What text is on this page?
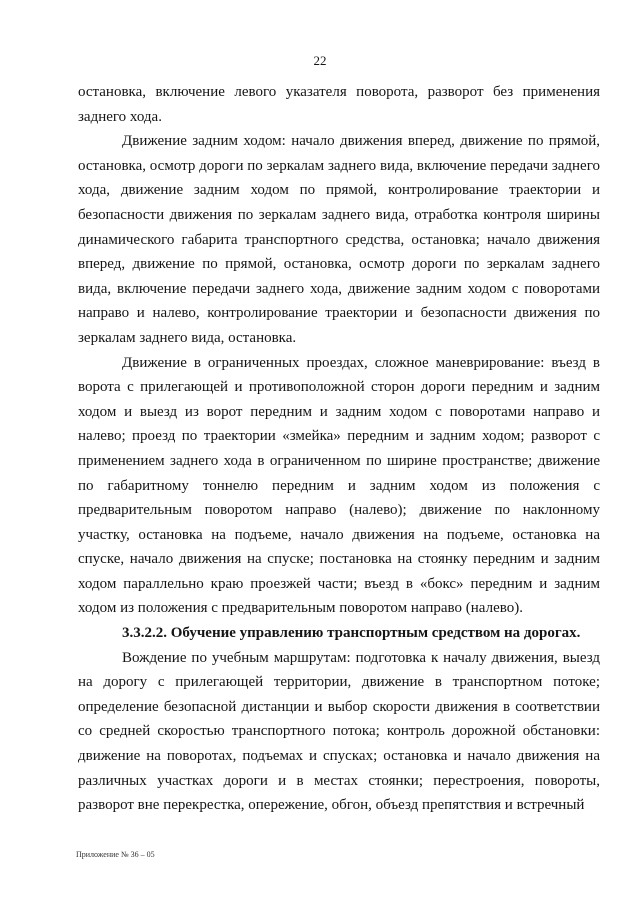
22

остановка, включение левого указателя поворота, разворот без применения заднего хода.

Движение задним ходом: начало движения вперед, движение по прямой, остановка, осмотр дороги по зеркалам заднего вида, включение передачи заднего хода, движение задним ходом по прямой, контролирование траектории и безопасности движения по зеркалам заднего вида, отработка контроля ширины динамического габарита транспортного средства, остановка; начало движения вперед, движение по прямой, остановка, осмотр дороги по зеркалам заднего вида, включение передачи заднего хода, движение задним ходом с поворотами направо и налево, контролирование траектории и безопасности движения по зеркалам заднего вида, остановка.

Движение в ограниченных проездах, сложное маневрирование: въезд в ворота с прилегающей и противоположной сторон дороги передним и задним ходом и выезд из ворот передним и задним ходом с поворотами направо и налево; проезд по траектории «змейка» передним и задним ходом; разворот с применением заднего хода в ограниченном по ширине пространстве; движение по габаритному тоннелю передним и задним ходом из положения с предварительным поворотом направо (налево); движение по наклонному участку, остановка на подъеме, начало движения на подъеме, остановка на спуске, начало движения на спуске; постановка на стоянку передним и задним ходом параллельно краю проезжей части; въезд в «бокс» передним и задним ходом из положения с предварительным поворотом направо (налево).

3.3.2.2. Обучение управлению транспортным средством на дорогах.

Вождение по учебным маршрутам: подготовка к началу движения, выезд на дорогу с прилегающей территории, движение в транспортном потоке; определение безопасной дистанции и выбор скорости движения в соответствии со средней скоростью транспортного потока; контроль дорожной обстановки: движение на поворотах, подъемах и спусках; остановка и начало движения на различных участках дороги и в местах стоянки; перестроения, повороты, разворот вне перекрестка, опережение, обгон, объезд препятствия и встречный

Приложение № 36 – 05
